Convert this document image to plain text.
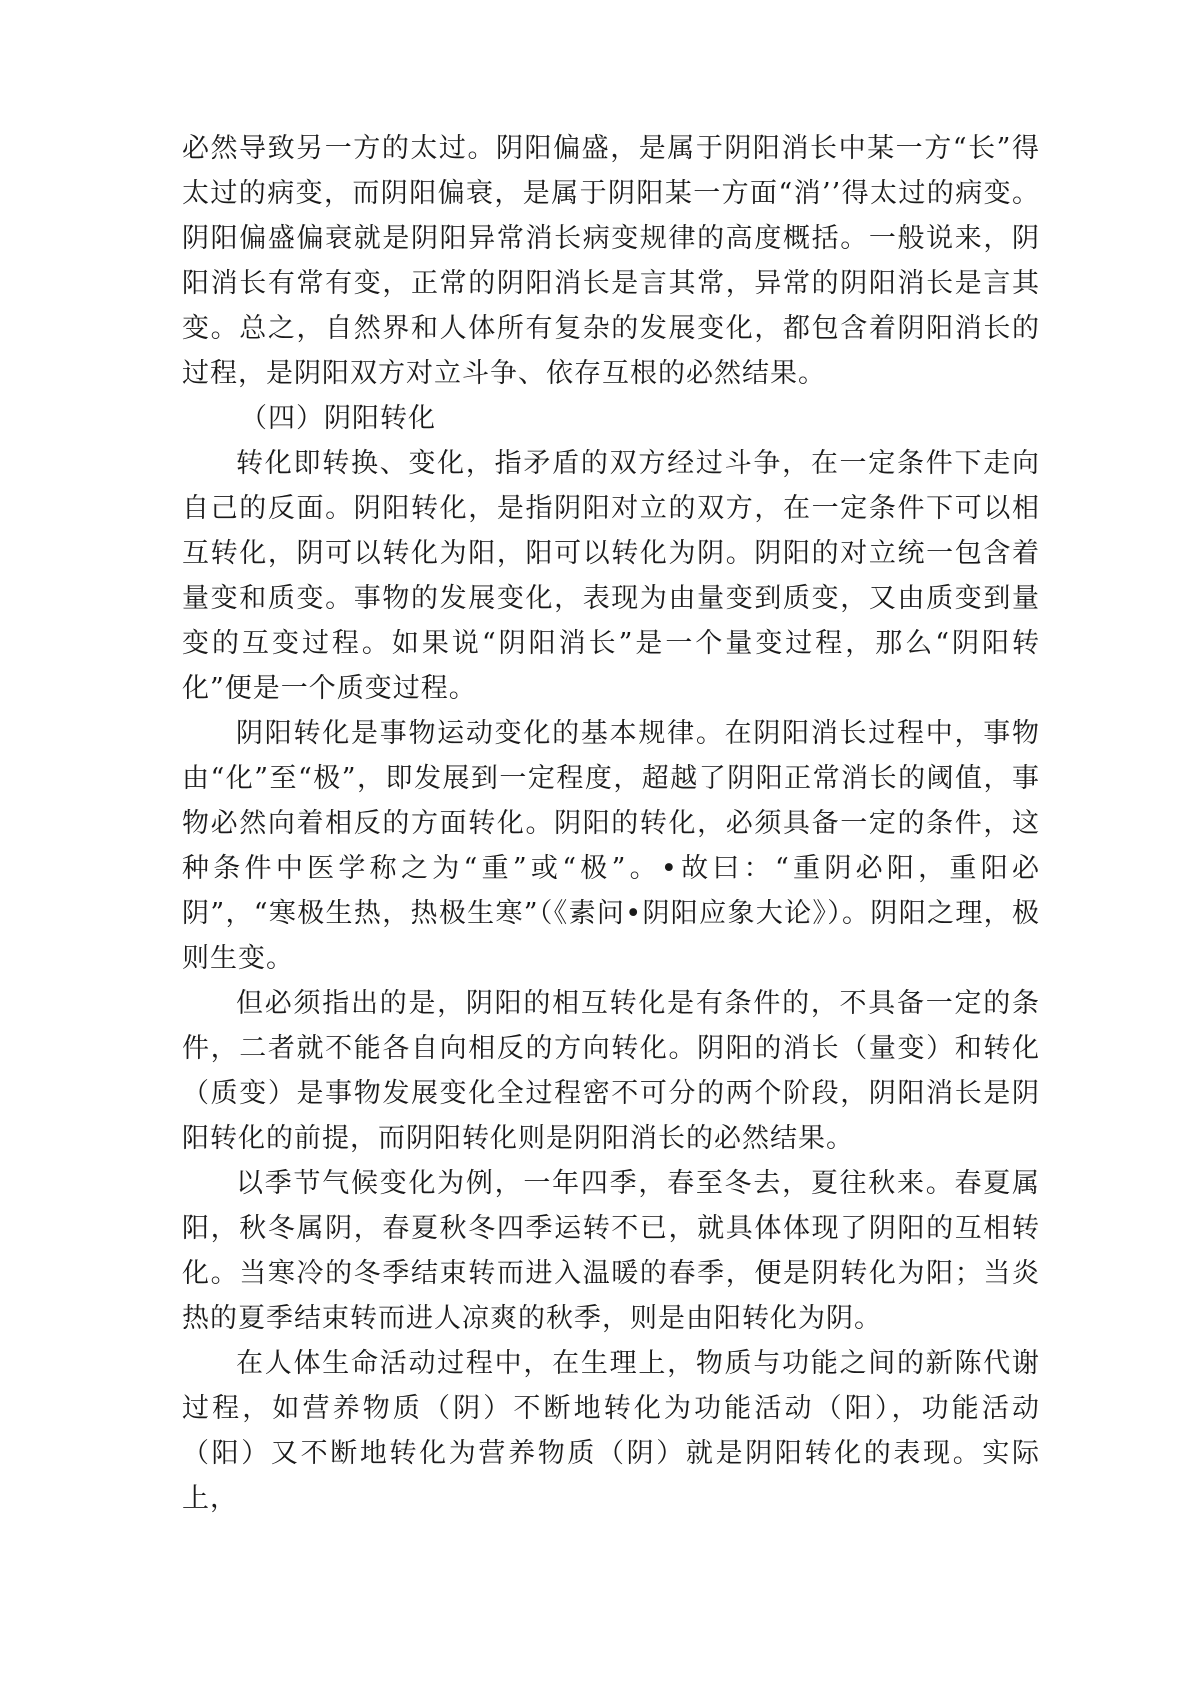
必然导致另一方的太过。阴阳偏盛，是属于阴阳消长中某一方“长”得太过的病变，而阴阳偏衰，是属于阴阳某一方面“消’’得太过的病变。阴阳偏盛偏衰就是阴阳异常消长病变规律的高度概括。一般说来，阴阳消长有常有变，正常的阴阳消长是言其常，异常的阴阳消长是言其变。总之，自然界和人体所有复杂的发展变化，都包含着阴阳消长的过程，是阴阳双方对立斗争、依存互根的必然结果。

（四）阴阳转化

转化即转换、变化，指矛盾的双方经过斗争，在一定条件下走向自己的反面。阴阳转化，是指阴阳对立的双方，在一定条件下可以相互转化，阴可以转化为阳，阳可以转化为阴。阴阳的对立统一包含着量变和质变。事物的发展变化，表现为由量变到质变，又由质变到量变的互变过程。如果说“阴阳消长”是一个量变过程，那么“阴阳转化”便是一个质变过程。

阴阳转化是事物运动变化的基本规律。在阴阳消长过程中，事物由“化”至“极”，即发展到一定程度，超越了阴阳正常消长的阈值，事物必然向着相反的方面转化。阴阳的转化，必须具备一定的条件，这种条件中医学称之为“重”或“极”。•故曰：“重阴必阳，重阳必阴”，“寒极生热，热极生寒”（《素问•阴阳应象大论》）。阴阳之理，极则生变。

但必须指出的是，阴阳的相互转化是有条件的，不具备一定的条件，二者就不能各自向相反的方向转化。阴阳的消长（量变）和转化（质变）是事物发展变化全过程密不可分的两个阶段，阴阳消长是阴阳转化的前提，而阴阳转化则是阴阳消长的必然结果。

以季节气候变化为例，一年四季，春至冬去，夏往秋来。春夏属阳，秋冬属阴，春夏秋冬四季运转不已，就具体体现了阴阳的互相转化。当寒冷的冬季结束转而进入温暖的春季，便是阴转化为阳；当炎热的夏季结束转而进人凉爽的秋季，则是由阳转化为阴。

在人体生命活动过程中，在生理上，物质与功能之间的新陈代谢过程，如营养物质（阴）不断地转化为功能活动（阳），功能活动（阳）又不断地转化为营养物质（阴）就是阴阳转化的表现。实际上，
